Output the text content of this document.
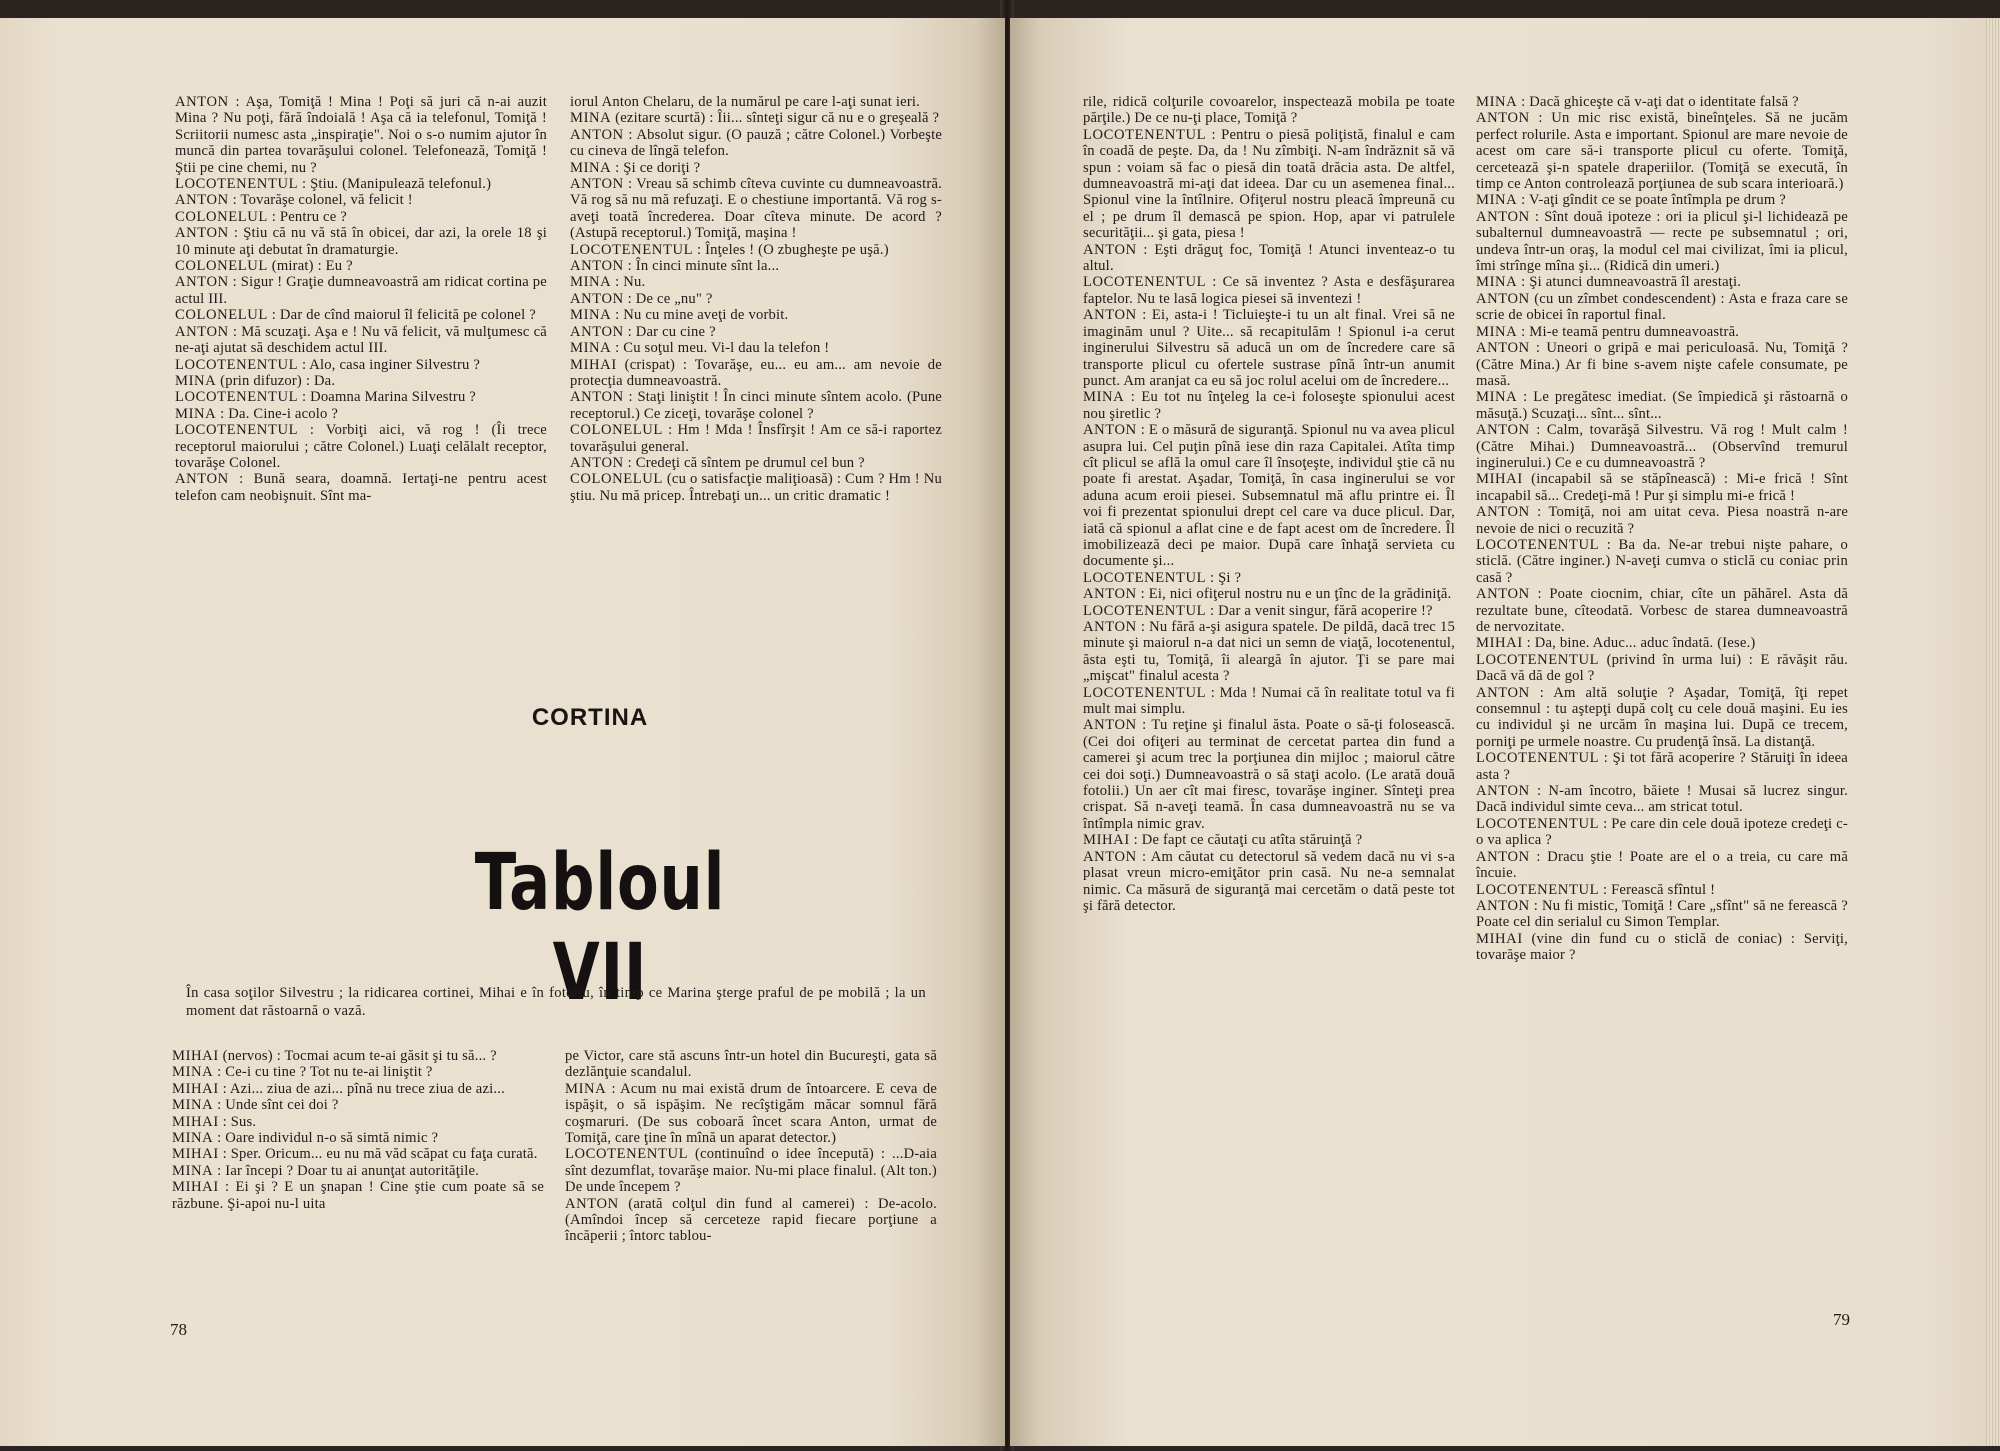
ANTON : Aşa, Tomiţă ! Mina ! Poţi să juri că n-ai auzit Mina ? Nu poţi, fără îndoială ! Aşa că ia telefonul, Tomiţă ! Scriitorii numesc asta „inspiraţie". Noi o s-o numim ajutor în muncă din partea tovarăşului colonel. Telefonează, Tomiţă ! Ştii pe cine chemi, nu ?

LOCOTENENTUL : Ştiu. (Manipulează telefonul.)

ANTON : Tovarăşe colonel, vă felicit !

COLONELUL : Pentru ce ?

ANTON : Ştiu că nu vă stă în obicei, dar azi, la orele 18 şi 10 minute aţi debutat în dramaturgie.

COLONELUL (mirat) : Eu ?

ANTON : Sigur ! Graţie dumneavoastră am ridicat cortina pe actul III.

COLONELUL : Dar de cînd maiorul îl felicită pe colonel ?

ANTON : Mă scuzaţi. Aşa e ! Nu vă felicit, vă mulţumesc că ne-aţi ajutat să deschidem actul III.

LOCOTENENTUL : Alo, casa inginer Silvestru ?

MINA (prin difuzor) : Da.

LOCOTENENTUL : Doamna Marina Silvestru ?

MINA : Da. Cine-i acolo ?

LOCOTENENTUL : Vorbiţi aici, vă rog ! (Îi trece receptorul maiorului ; către Colonel.) Luaţi celălalt receptor, tovarăşe Colonel.

ANTON : Bună seara, doamnă. Iertaţi-ne pentru acest telefon cam neobişnuit. Sînt ma-

iorul Anton Chelaru, de la numărul pe care l-aţi sunat ieri.

MINA (ezitare scurtă) : Îii... sînteţi sigur că nu e o greşeală ?

ANTON : Absolut sigur. (O pauză ; către Colonel.) Vorbeşte cu cineva de lîngă telefon.

MINA : Şi ce doriţi ?

ANTON : Vreau să schimb cîteva cuvinte cu dumneavoastră. Vă rog să nu mă refuzaţi. E o chestiune importantă. Vă rog s-aveţi toată încrederea. Doar cîteva minute. De acord ? (Astupă receptorul.) Tomiţă, maşina !

LOCOTENENTUL : Înţeles ! (O zbugheşte pe uşă.)

ANTON : În cinci minute sînt la...

MINA : Nu.

ANTON : De ce „nu" ?

MINA : Nu cu mine aveţi de vorbit.

ANTON : Dar cu cine ?

MINA : Cu soţul meu. Vi-l dau la telefon !

MIHAI (crispat) : Tovarăşe, eu... eu am... am nevoie de protecţia dumneavoastră.

ANTON : Staţi liniştit ! În cinci minute sîntem acolo. (Pune receptorul.) Ce ziceţi, tovarăşe colonel ?

COLONELUL : Hm ! Mda ! Însfîrşit ! Am ce să-i raportez tovarăşului general.

ANTON : Credeţi că sîntem pe drumul cel bun ?

COLONELUL (cu o satisfacţie maliţioasă) : Cum ? Hm ! Nu ştiu. Nu mă pricep. Întrebaţi un... un critic dramatic !

CORTINA
Tabloul VII
În casa soţilor Silvestru ; la ridicarea cortinei, Mihai e în fotoliu, în timp ce Marina şterge praful de pe mobilă ; la un moment dat răstoarnă o vază.

MIHAI (nervos) : Tocmai acum te-ai găsit şi tu să... ?

MINA : Ce-i cu tine ? Tot nu te-ai liniştit ?

MIHAI : Azi... ziua de azi... pînă nu trece ziua de azi...

MINA : Unde sînt cei doi ?

MIHAI : Sus.

MINA : Oare individul n-o să simtă nimic ?

MIHAI : Sper. Oricum... eu nu mă văd scăpat cu faţa curată.

MINA : Iar începi ? Doar tu ai anunţat autorităţile.

MIHAI : Ei şi ? E un şnapan ! Cine ştie cum poate să se răzbune. Şi-apoi nu-l uita

pe Victor, care stă ascuns într-un hotel din Bucureşti, gata să dezlănţuie scandalul.

MINA : Acum nu mai există drum de întoarcere. E ceva de ispăşit, o să ispăşim. Ne recîştigăm măcar somnul fără coşmaruri. (De sus coboară încet scara Anton, urmat de Tomiţă, care ţine în mînă un aparat detector.)

LOCOTENENTUL (continuînd o idee începută) : ...D-aia sînt dezumflat, tovarăşe maior. Nu-mi place finalul. (Alt ton.) De unde începem ?

ANTON (arată colţul din fund al camerei) : De-acolo. (Amîndoi încep să cerceteze rapid fiecare porţiune a încăperii ; întorc tablou-

78

rile, ridică colţurile covoarelor, inspectează mobila pe toate părţile.) De ce nu-ţi place, Tomiţă ?

LOCOTENENTUL : Pentru o piesă poliţistă, finalul e cam în coadă de peşte. Da, da ! Nu zîmbiţi. N-am îndrăznit să vă spun : voiam să fac o piesă din toată drăcia asta. De altfel, dumneavoastră mi-aţi dat ideea. Dar cu un asemenea final... Spionul vine la întîlnire. Ofiţerul nostru pleacă împreună cu el ; pe drum îl demască pe spion. Hop, apar vi patrulele securităţii... şi gata, piesa !

ANTON : Eşti drăguţ foc, Tomiţă ! Atunci inventeaz-o tu altul.

LOCOTENENTUL : Ce să inventez ? Asta e desfăşurarea faptelor. Nu te lasă logica piesei să inventezi !

ANTON : Ei, asta-i ! Ticluieşte-i tu un alt final. Vrei să ne imaginăm unul ? Uite... să recapitulăm ! Spionul i-a cerut inginerului Silvestru să aducă un om de încredere care să transporte plicul cu ofertele sustrase pînă într-un anumit punct. Am aranjat ca eu să joc rolul acelui om de încredere...

MINA : Eu tot nu înţeleg la ce-i foloseşte spionului acest nou şiretlic ?

ANTON : E o măsură de siguranţă. Spionul nu va avea plicul asupra lui. Cel puţin pînă iese din raza Capitalei. Atîta timp cît plicul se află la omul care îl însoţeşte, individul ştie că nu poate fi arestat. Aşadar, Tomiţă, în casa inginerului se vor aduna acum eroii piesei. Subsemnatul mă aflu printre ei. Îl voi fi prezentat spionului drept cel care va duce plicul. Dar, iată că spionul a aflat cine e de fapt acest om de încredere. Îl imobilizează deci pe maior. După care înhaţă servieta cu documente şi...

LOCOTENENTUL : Şi ?

ANTON : Ei, nici ofiţerul nostru nu e un ţînc de la grădiniţă.

LOCOTENENTUL : Dar a venit singur, fără acoperire !?

ANTON : Nu fără a-şi asigura spatele. De pildă, dacă trec 15 minute şi maiorul n-a dat nici un semn de viaţă, locotenentul, ăsta eşti tu, Tomiţă, îi aleargă în ajutor. Ţi se pare mai „mişcat" finalul acesta ?

LOCOTENENTUL : Mda ! Numai că în realitate totul va fi mult mai simplu.

ANTON : Tu reţine şi finalul ăsta. Poate o să-ţi folosească. (Cei doi ofiţeri au terminat de cercetat partea din fund a camerei şi acum trec la porţiunea din mijloc ; maiorul către cei doi soţi.) Dumneavoastră o să staţi acolo. (Le arată două fotolii.) Un aer cît mai firesc, tovarăşe inginer. Sînteţi prea crispat. Să n-aveţi teamă. În casa dumneavoastră nu se va întîmpla nimic grav.

MIHAI : De fapt ce căutaţi cu atîta stăruinţă ?

ANTON : Am căutat cu detectorul să vedem dacă nu vi s-a plasat vreun micro-emiţător prin casă. Nu ne-a semnalat nimic. Ca măsură de siguranţă mai cercetăm o dată peste tot şi fără detector.

MINA : Dacă ghiceşte că v-aţi dat o identitate falsă ?

ANTON : Un mic risc există, bineînţeles. Să ne jucăm perfect rolurile. Asta e important. Spionul are mare nevoie de acest om care să-i transporte plicul cu oferte. Tomiţă, cercetează şi-n spatele draperiilor. (Tomiţă se execută, în timp ce Anton controlează porţiunea de sub scara interioară.)

MINA : V-aţi gîndit ce se poate întîmpla pe drum ?

ANTON : Sînt două ipoteze : ori ia plicul şi-l lichidează pe subalternul dumneavoastră — recte pe subsemnatul ; ori, undeva într-un oraş, la modul cel mai civilizat, îmi ia plicul, îmi strînge mîna şi... (Ridică din umeri.)

MINA : Şi atunci dumneavoastră îl arestaţi.

ANTON (cu un zîmbet condescendent) : Asta e fraza care se scrie de obicei în raportul final.

MINA : Mi-e teamă pentru dumneavoastră.

ANTON : Uneori o gripă e mai periculoasă. Nu, Tomiţă ? (Către Mina.) Ar fi bine s-avem nişte cafele consumate, pe masă.

MINA : Le pregătesc imediat. (Se împiedică şi răstoarnă o măsuţă.) Scuzaţi... sînt... sînt...

ANTON : Calm, tovarăşă Silvestru. Vă rog ! Mult calm ! (Către Mihai.) Dumneavoastră... (Observînd tremurul inginerului.) Ce e cu dumneavoastră ?

MIHAI (incapabil să se stăpînească) : Mi-e frică ! Sînt incapabil să... Credeţi-mă ! Pur şi simplu mi-e frică !

ANTON : Tomiţă, noi am uitat ceva. Piesa noastră n-are nevoie de nici o recuzită ?

LOCOTENENTUL : Ba da. Ne-ar trebui nişte pahare, o sticlă. (Către inginer.) N-aveţi cumva o sticlă cu coniac prin casă ?

ANTON : Poate ciocnim, chiar, cîte un păhărel. Asta dă rezultate bune, cîteodată. Vorbesc de starea dumneavoastră de nervozitate.

MIHAI : Da, bine. Aduc... aduc îndată. (Iese.)

LOCOTENENTUL (privind în urma lui) : E răvăşit rău. Dacă vă dă de gol ?

ANTON : Am altă soluţie ? Aşadar, Tomiţă, îţi repet consemnul : tu aştepţi după colţ cu cele două maşini. Eu ies cu individul şi ne urcăm în maşina lui. După ce trecem, porniţi pe urmele noastre. Cu prudenţă însă. La distanţă.

LOCOTENENTUL : Şi tot fără acoperire ? Stăruiţi în ideea asta ?

ANTON : N-am încotro, băiete ! Musai să lucrez singur. Dacă individul simte ceva... am stricat totul.

LOCOTENENTUL : Pe care din cele două ipoteze credeţi c-o va aplica ?

ANTON : Dracu ştie ! Poate are el o a treia, cu care mă încuie.

LOCOTENENTUL : Ferească sfîntul !

ANTON : Nu fi mistic, Tomiţă ! Care „sfînt" să ne ferească ? Poate cel din serialul cu Simon Templar.

MIHAI (vine din fund cu o sticlă de coniac) : Serviţi, tovarăşe maior ?

79
